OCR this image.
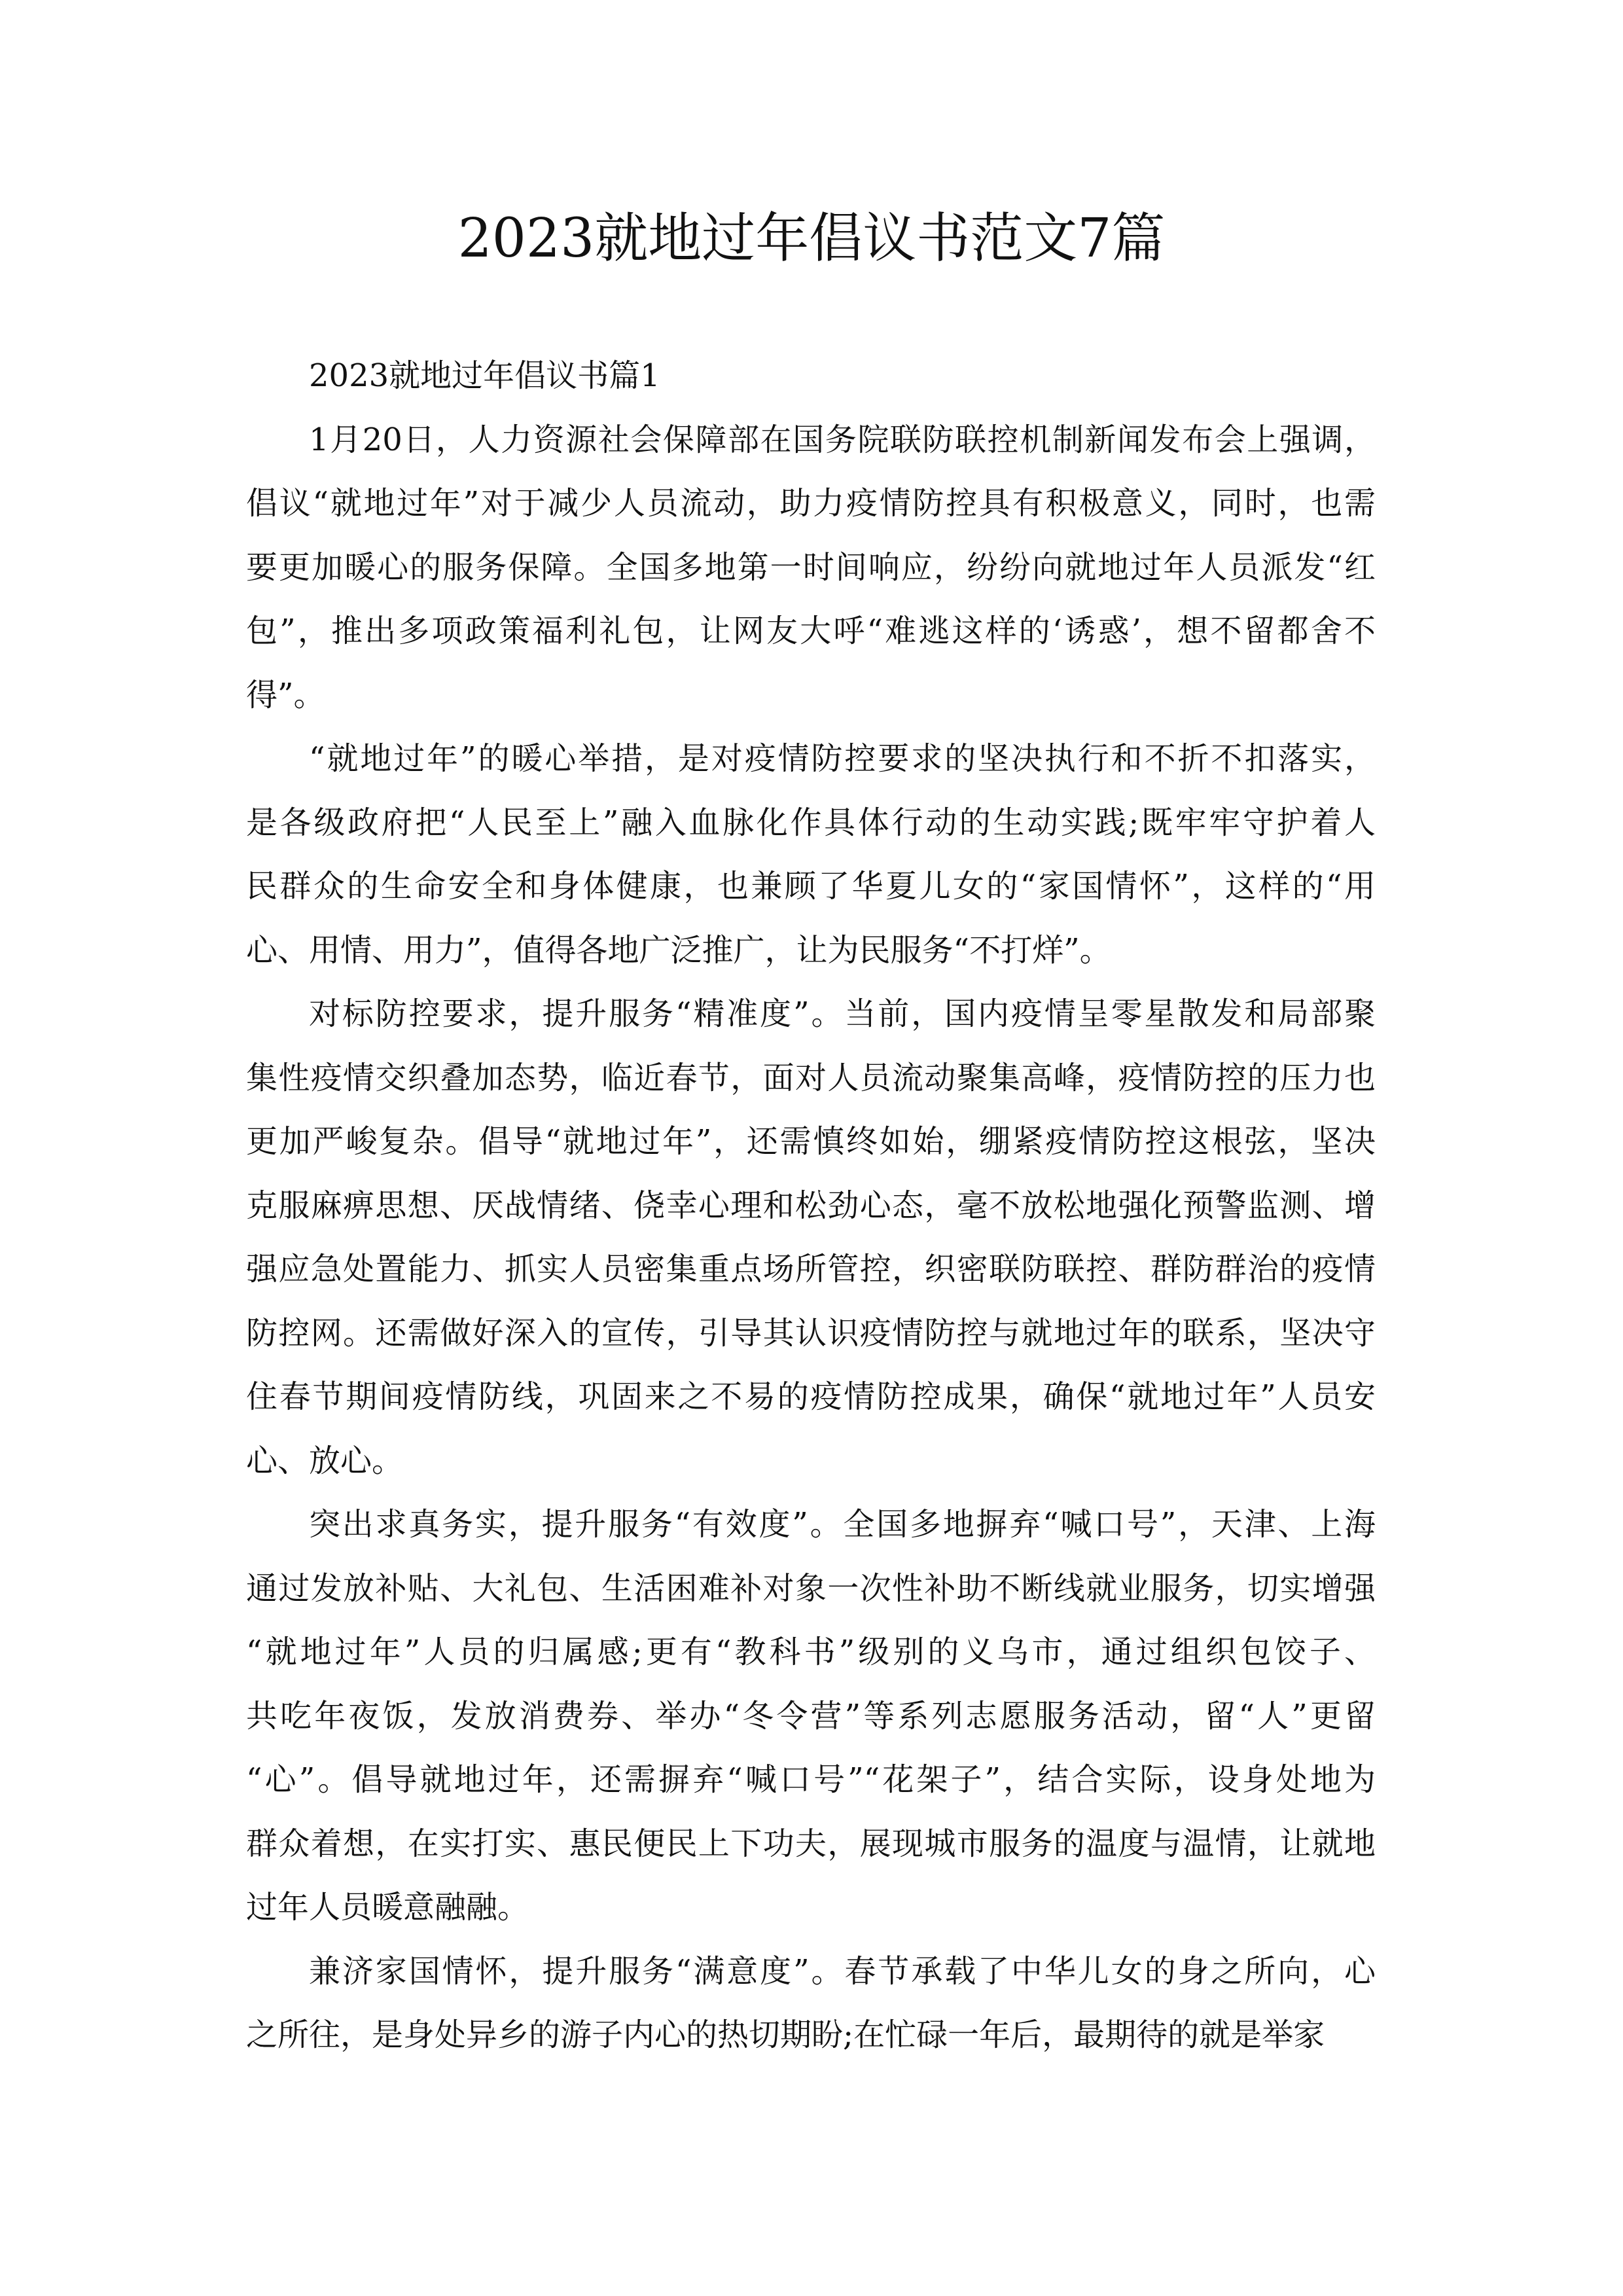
2023就地过年倡议书范文7篇
2023就地过年倡议书篇1
1月20日，人力资源社会保障部在国务院联防联控机制新闻发布会上强调，
倡议“就地过年”对于减少人员流动，助力疫情防控具有积极意义，同时，也需
要更加暖心的服务保障。全国多地第一时间响应，纷纷向就地过年人员派发“红
包”，推出多项政策福利礼包，让网友大呼“难逃这样的‘诱惑’，想不留都舍不
得”。
“就地过年”的暖心举措，是对疫情防控要求的坚决执行和不折不扣落实，
是各级政府把“人民至上”融入血脉化作具体行动的生动实践;既牢牢守护着人
民群众的生命安全和身体健康，也兼顾了华夏儿女的“家国情怀”，这样的“用
心、用情、用力”，值得各地广泛推广，让为民服务“不打烊”。
对标防控要求，提升服务“精准度”。当前，国内疫情呈零星散发和局部聚
集性疫情交织叠加态势，临近春节，面对人员流动聚集高峰，疫情防控的压力也
更加严峻复杂。倡导“就地过年”，还需慎终如始，绷紧疫情防控这根弦，坚决
克服麻痹思想、厌战情绪、侥幸心理和松劲心态，毫不放松地强化预警监测、增
强应急处置能力、抓实人员密集重点场所管控，织密联防联控、群防群治的疫情
防控网。还需做好深入的宣传，引导其认识疫情防控与就地过年的联系，坚决守
住春节期间疫情防线，巩固来之不易的疫情防控成果，确保“就地过年”人员安
心、放心。
突出求真务实，提升服务“有效度”。全国多地摒弃“喊口号”，天津、上海
通过发放补贴、大礼包、生活困难补对象一次性补助不断线就业服务，切实增强
“就地过年”人员的归属感;更有“教科书”级别的义乌市，通过组织包饺子、
共吃年夜饭，发放消费券、举办“冬令营”等系列志愿服务活动，留“人”更留
“心”。倡导就地过年，还需摒弃“喊口号”“花架子”，结合实际，设身处地为
群众着想，在实打实、惠民便民上下功夫，展现城市服务的温度与温情，让就地
过年人员暖意融融。
兼济家国情怀，提升服务“满意度”。春节承载了中华儿女的身之所向，心
之所往，是身处异乡的游子内心的热切期盼;在忙碌一年后，最期待的就是举家
